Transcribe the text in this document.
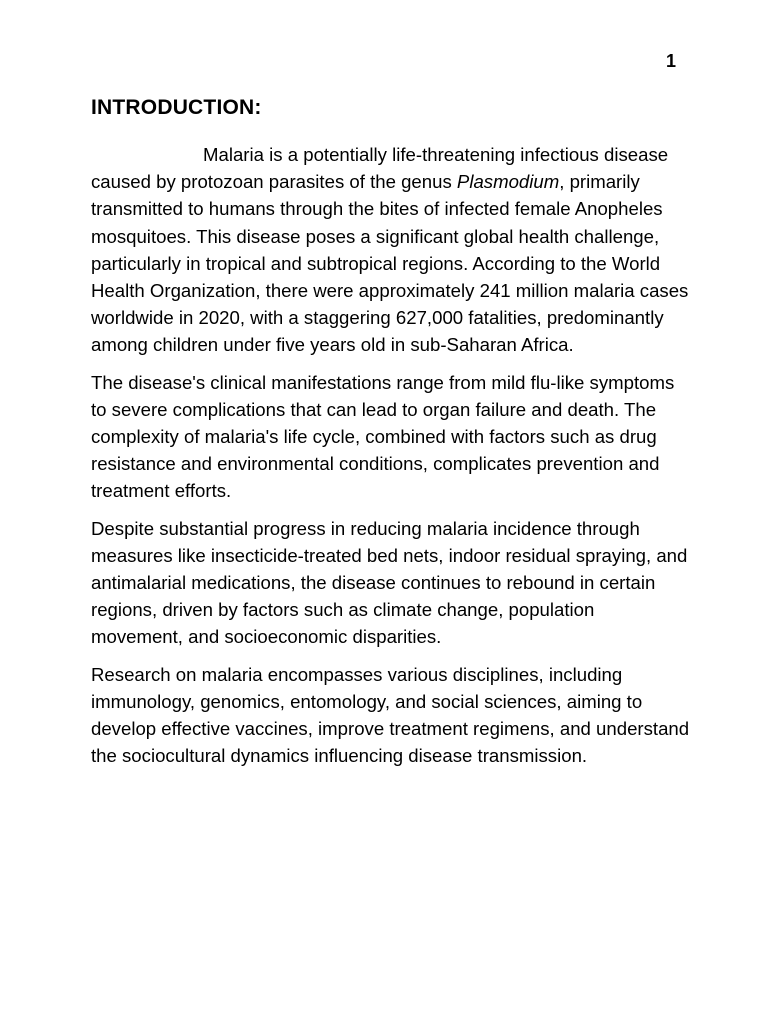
1
INTRODUCTION:

Malaria is a potentially life-threatening infectious disease caused by protozoan parasites of the genus Plasmodium, primarily transmitted to humans through the bites of infected female Anopheles mosquitoes. This disease poses a significant global health challenge, particularly in tropical and subtropical regions. According to the World Health Organization, there were approximately 241 million malaria cases worldwide in 2020, with a staggering 627,000 fatalities, predominantly among children under five years old in sub-Saharan Africa.

The disease's clinical manifestations range from mild flu-like symptoms to severe complications that can lead to organ failure and death. The complexity of malaria's life cycle, combined with factors such as drug resistance and environmental conditions, complicates prevention and treatment efforts.

Despite substantial progress in reducing malaria incidence through measures like insecticide-treated bed nets, indoor residual spraying, and antimalarial medications, the disease continues to rebound in certain regions, driven by factors such as climate change, population movement, and socioeconomic disparities.

Research on malaria encompasses various disciplines, including immunology, genomics, entomology, and social sciences, aiming to develop effective vaccines, improve treatment regimens, and understand the sociocultural dynamics influencing disease transmission.
